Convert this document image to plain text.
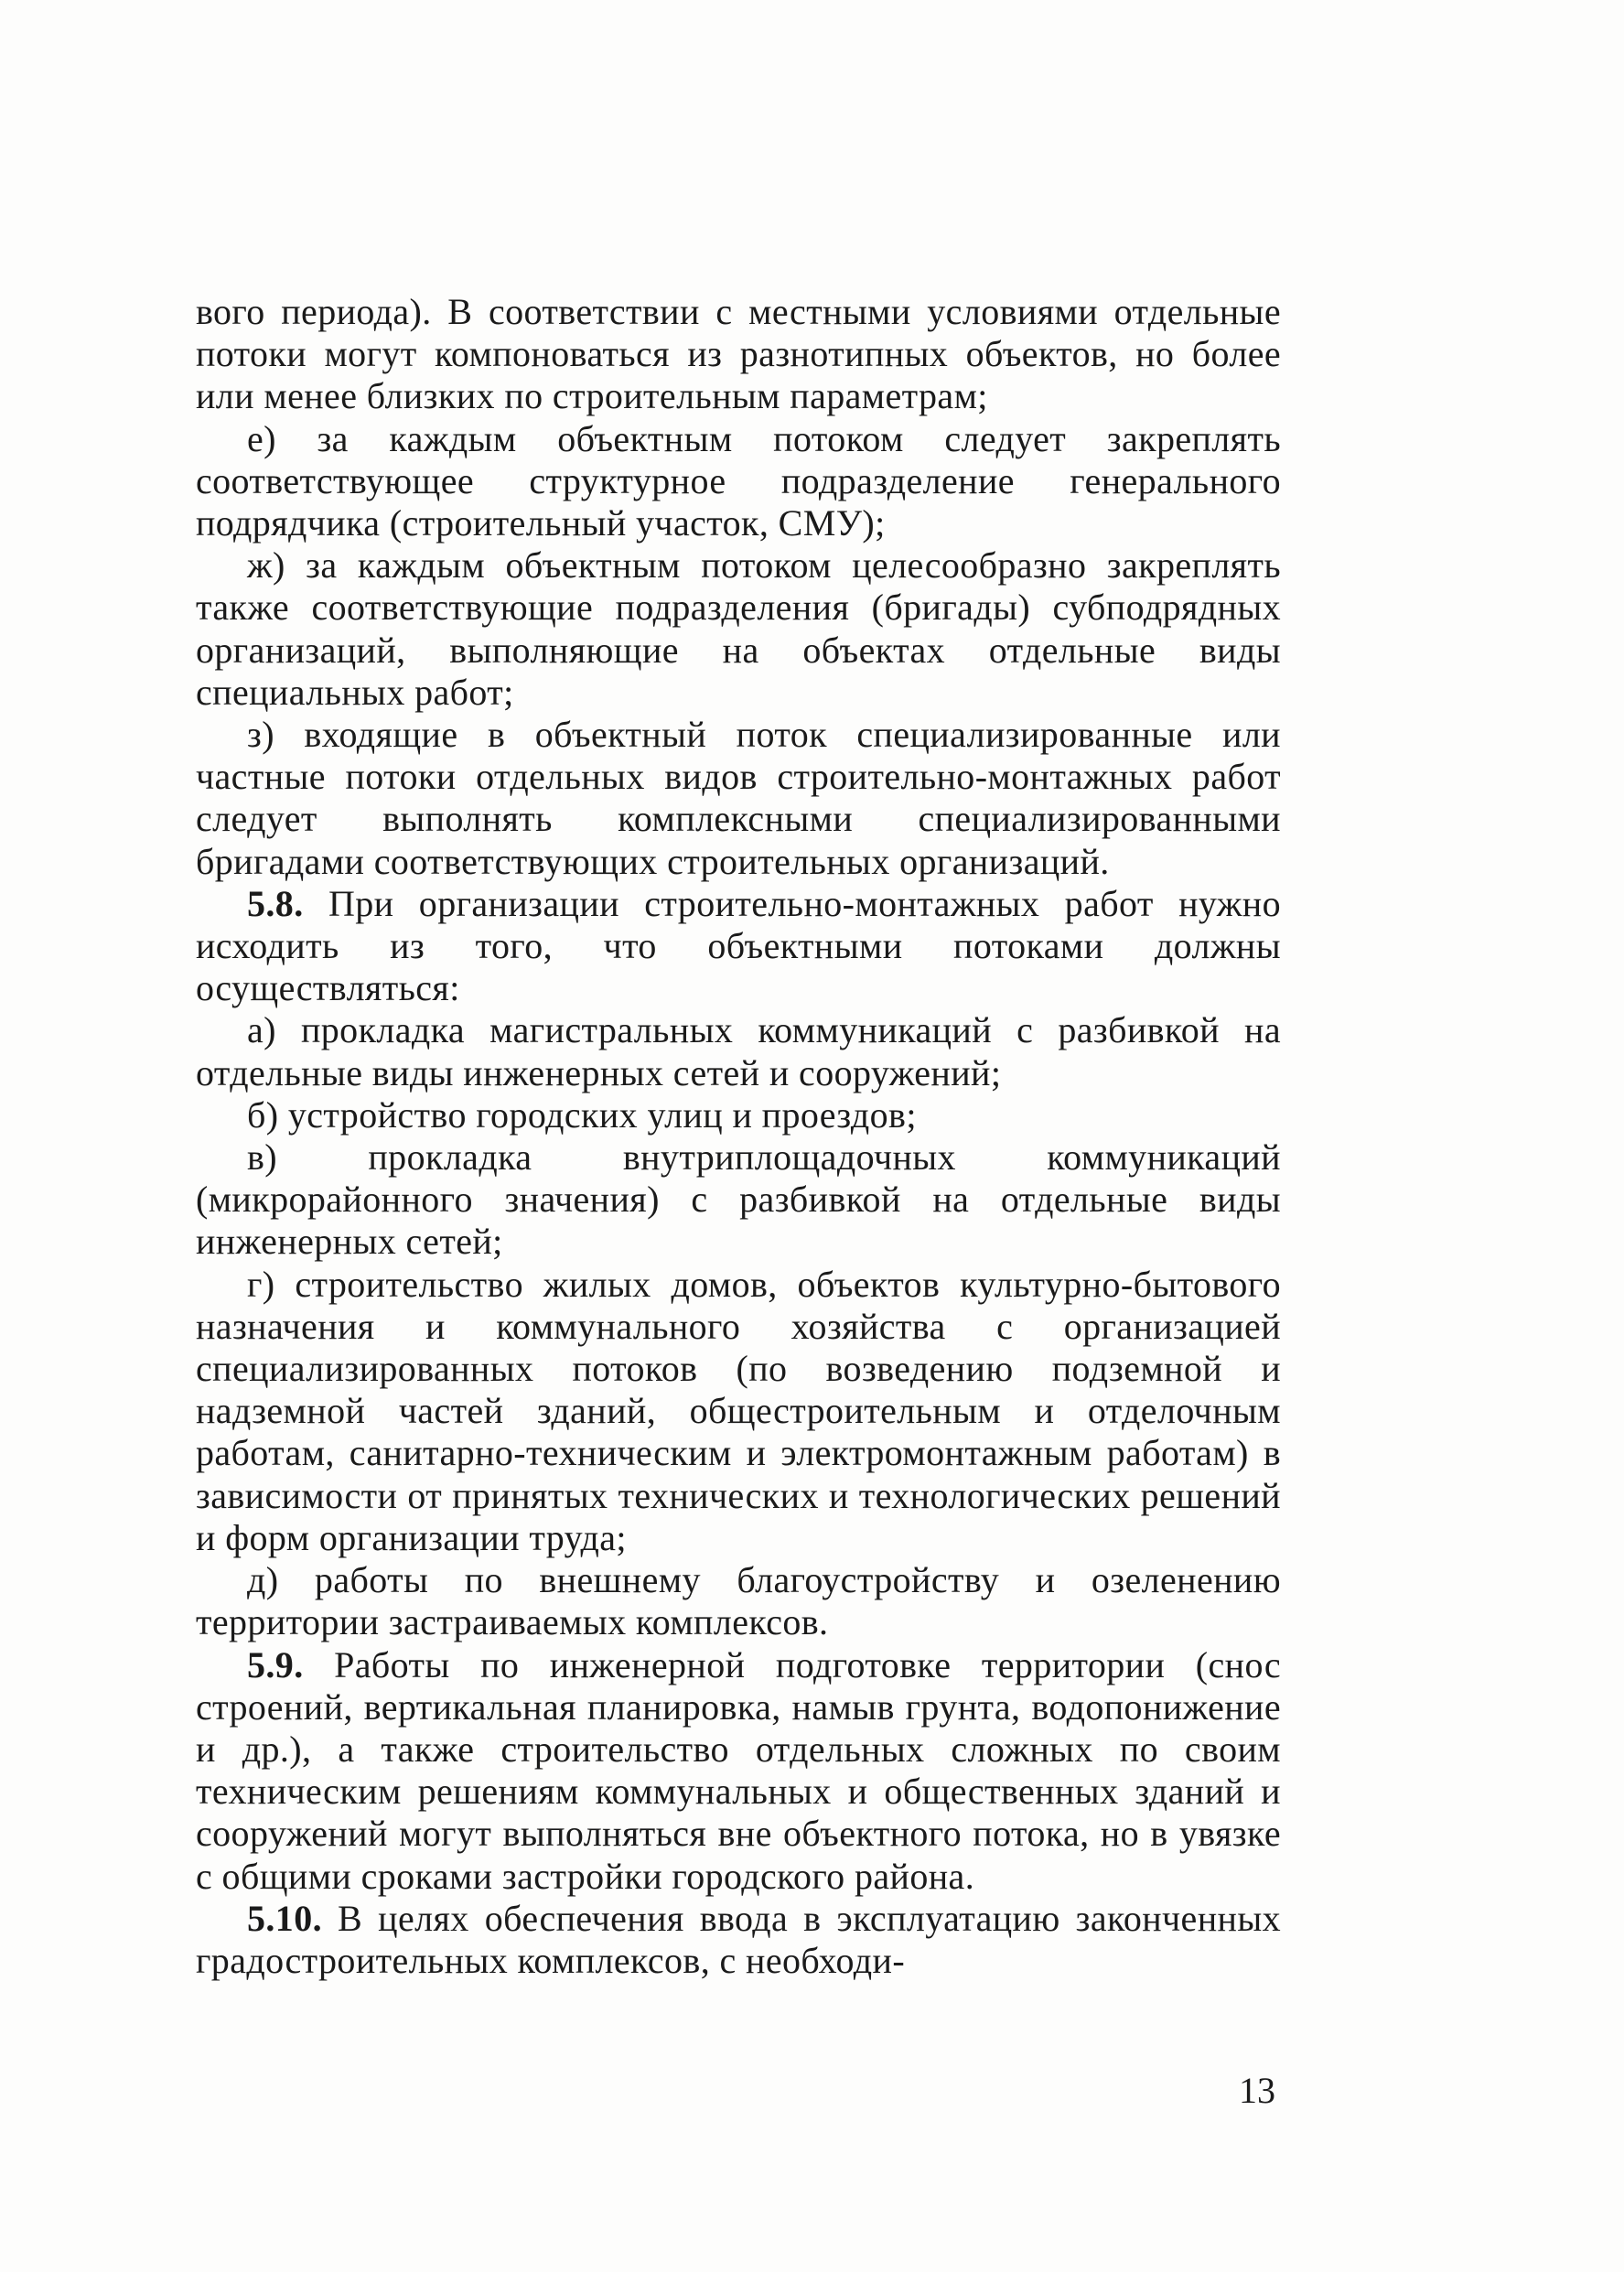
вого периода). В соответствии с местными условиями отдельные потоки могут компоноваться из разнотипных объектов, но более или менее близких по строительным параметрам;

е) за каждым объектным потоком следует закреплять соответствующее структурное подразделение генерального подрядчика (строительный участок, СМУ);

ж) за каждым объектным потоком целесообразно закреплять также соответствующие подразделения (бригады) субподрядных организаций, выполняющие на объектах отдельные виды специальных работ;

з) входящие в объектный поток специализированные или частные потоки отдельных видов строительно-монтажных работ следует выполнять комплексными специализированными бригадами соответствующих строительных организаций.

5.8. При организации строительно-монтажных работ нужно исходить из того, что объектными потоками должны осуществляться:

а) прокладка магистральных коммуникаций с разбивкой на отдельные виды инженерных сетей и сооружений;

б) устройство городских улиц и проездов;

в) прокладка внутриплощадочных коммуникаций (микрорайонного значения) с разбивкой на отдельные виды инженерных сетей;

г) строительство жилых домов, объектов культурно-бытового назначения и коммунального хозяйства с организацией специализированных потоков (по возведению подземной и надземной частей зданий, общестроительным и отделочным работам, санитарно-техническим и электромонтажным работам) в зависимости от принятых технических и технологических решений и форм организации труда;

д) работы по внешнему благоустройству и озеленению территории застраиваемых комплексов.

5.9. Работы по инженерной подготовке территории (снос строений, вертикальная планировка, намыв грунта, водопонижение и др.), а также строительство отдельных сложных по своим техническим решениям коммунальных и общественных зданий и сооружений могут выполняться вне объектного потока, но в увязке с общими сроками застройки городского района.

5.10. В целях обеспечения ввода в эксплуатацию законченных градостроительных комплексов, с необходи-

13
